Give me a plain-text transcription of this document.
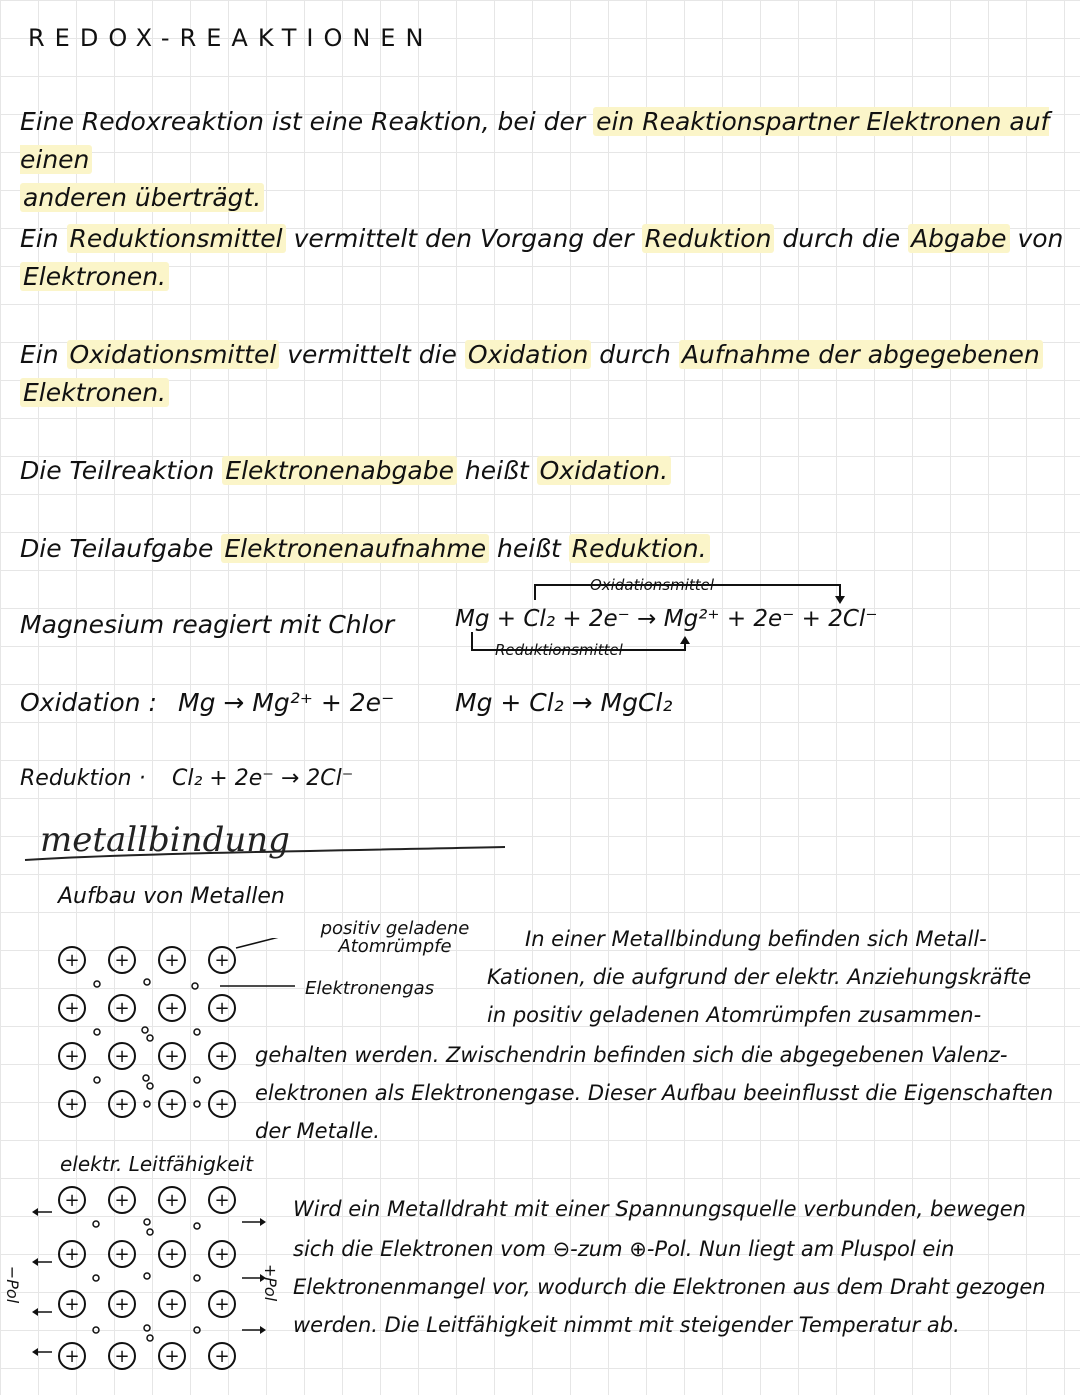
REDOX-REAKTIONEN
Eine Redoxreaktion ist eine Reaktion, bei der ein Reaktionspartner Elektronen auf einen
anderen überträgt.
Ein Reduktionsmittel vermittelt den Vorgang der Reduktion durch die Abgabe von
Elektronen.
Ein Oxidationsmittel vermittelt die Oxidation durch Aufnahme der abgegebenen
Elektronen.
Die Teilreaktion Elektronenabgabe heißt Oxidation.
Die Teilaufgabe Elektronenaufnahme heißt Reduktion.
Magnesium reagiert mit Chlor
Oxidationsmittel
Mg + Cl₂ + 2e⁻ → Mg²⁺ + 2e⁻ + 2Cl⁻
Reduktionsmittel
Oxidation : Mg → Mg²⁺ + 2e⁻ Mg + Cl₂ → MgCl₂
Reduktion · Cl₂ + 2e⁻ → 2Cl⁻
metallbindung
Aufbau von Metallen
+ + + +
+ + + +
+ + + +
+ + + +
positiv geladene Atomrümpfe
Elektronengas
In einer Metallbindung befinden sich Metall-
Kationen, die aufgrund der elektr. Anziehungskräfte
in positiv geladenen Atomrümpfen zusammen-
gehalten werden. Zwischendrin befinden sich die abgegebenen Valenz-
elektronen als Elektronengase. Dieser Aufbau beeinflusst die Eigenschaften
der Metalle.
elektr. Leitfähigkeit
+ + + +
+ + + +
+ + + +
+ + + +
−Pol	+Pol
Wird ein Metalldraht mit einer Spannungsquelle verbunden, bewegen
sich die Elektronen vom ⊖-zum ⊕-Pol. Nun liegt am Pluspol ein
Elektronenmangel vor, wodurch die Elektronen aus dem Draht gezogen
werden. Die Leitfähigkeit nimmt mit steigender Temperatur ab.
